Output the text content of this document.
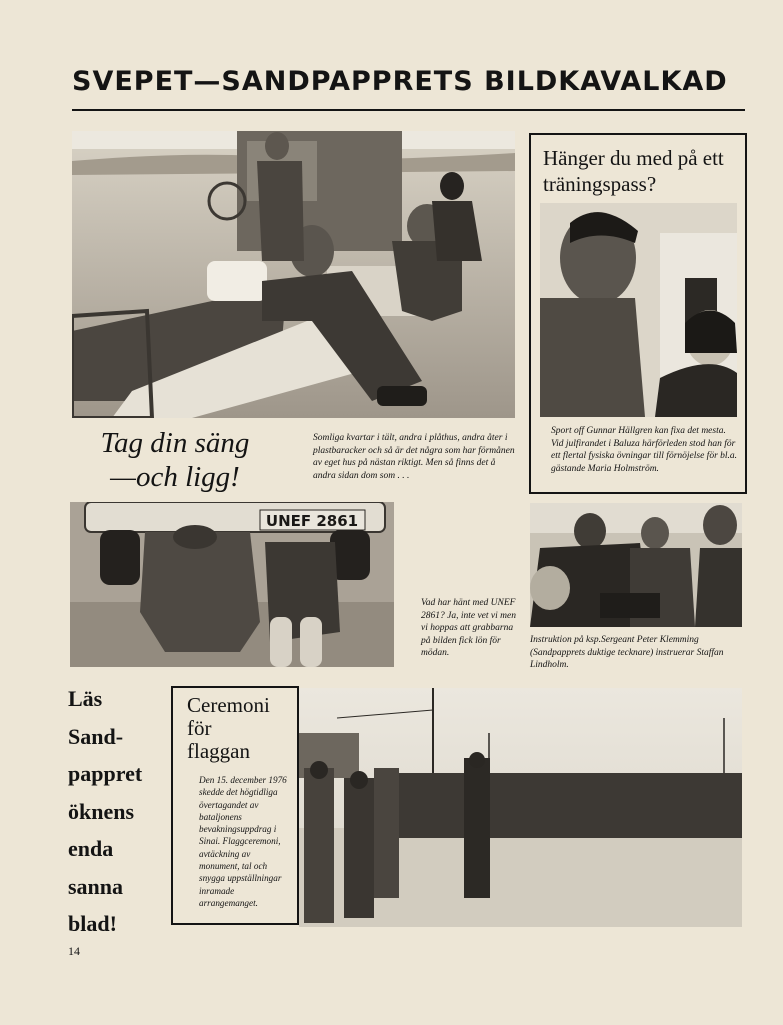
SVEPET—SANDPAPPRETS BILDKAVALKAD
Hänger du med på ett träningspass?
Sport off Gunnar Hällgren kan fixa det mesta. Vid julfirandet i Baluza härförleden stod han för ett flertal fysiska övningar till förnöjelse för bl.a. gästande Maria Holmström.
Tag din säng
—och ligg!
Somliga kvartar i tält, andra i plåthus, andra åter i plastbaracker och så är det några som har förmånen av eget hus på nästan riktigt. Men så finns det å andra sidan dom som . . .
UNEF 2861
Vad har hänt med UNEF 2861? Ja, inte vet vi men vi hoppas att grabbarna på bilden fick lön för mödan.
Instruktion på ksp.Sergeant Peter Klemming (Sandpapprets duktige tecknare) instruerar Staffan Lindholm.
Läs
Sand-
pappret
öknens
enda
sanna
blad!
Ceremoni
för
flaggan
Den 15. december 1976 skedde det högtidliga övertagandet av bataljonens bevakningsuppdrag i Sinai. Flaggceremoni, avtäckning av monument, tal och snygga uppställningar inramade arrangemanget.
14
